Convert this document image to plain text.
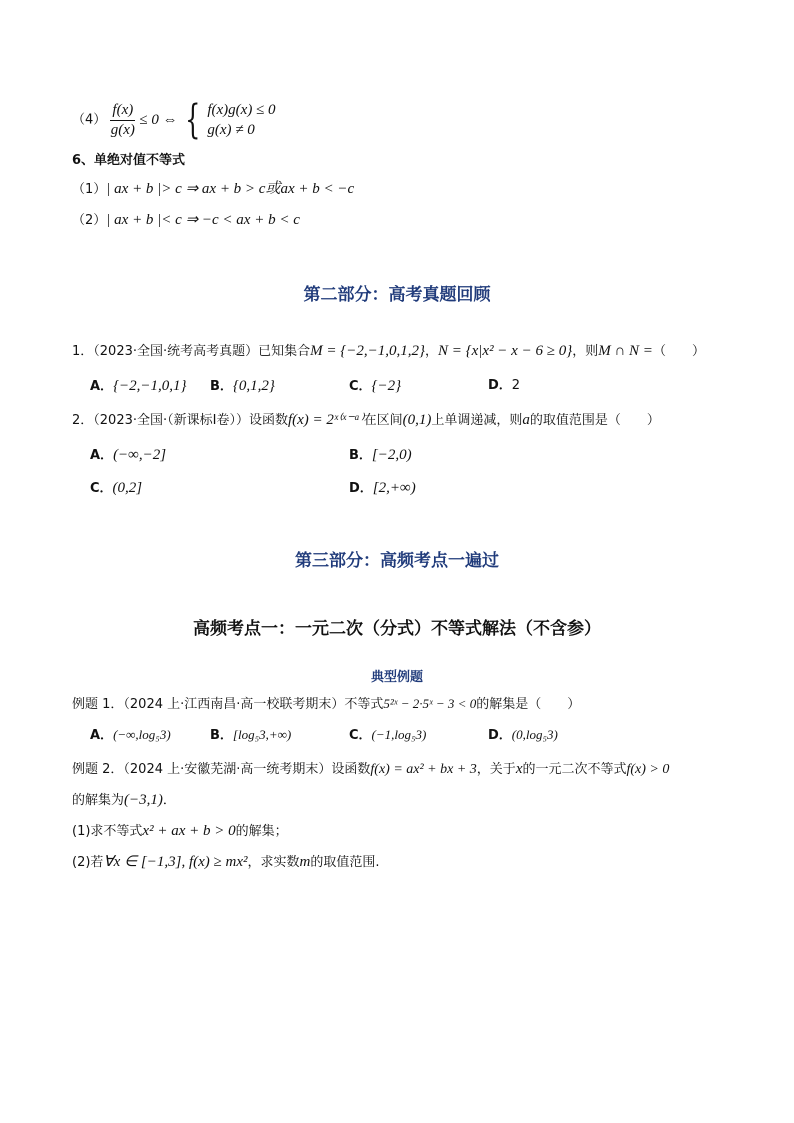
$(4) \frac{f(x)}{g(x)} \le 0$ ⇔ { f(x)g(x) ≤ 0
g(x) ≠ 0
6、单绝对值不等式
（1）| ax + b |> c ⇒ ax + b > c或ax + b < −c
（2）| ax + b |< c ⇒ −c < ax + b < c
第二部分：高考真题回顾
1．（2023·全国·统考高考真题）已知集合M = {−2,−1,0,1,2}，N = {x|x² − x − 6 ≥ 0}，则M ∩ N =（　　）
A．{−2,−1,0,1} B．{0,1,2}	C．{−2}	D．2
2．（2023·全国·（新课标Ⅰ卷））设函数f(x) = 2ˣ⁽ˣ⁻ᵃ⁾在区间(0,1)上单调递减，则a的取值范围是（　　）
A．(−∞,−2]	B．[−2,0)
C．(0,2]	D．[2,+∞)
第三部分：高频考点一遍过
高频考点一：一元二次（分式）不等式解法（不含参）
典型例题
例题 1．（2024 上·江西南昌·高一校联考期末）不等式5²ˣ − 2·5ˣ − 3 < 0的解集是（　　）
A．(−∞,log₅3)	B．[log₅3,+∞)	C．(−1,log₅3)	D．(0,log₅3)
例题 2．（2024 上·安徽芜湖·高一统考期末）设函数f(x) = ax² + bx + 3，关于x的一元二次不等式f(x) > 0
的解集为(−3,1)．
(1)求不等式x² + ax + b > 0的解集；
(2)若∀x ∈ [−1,3], f(x) ≥ mx²，求实数m的取值范围.
